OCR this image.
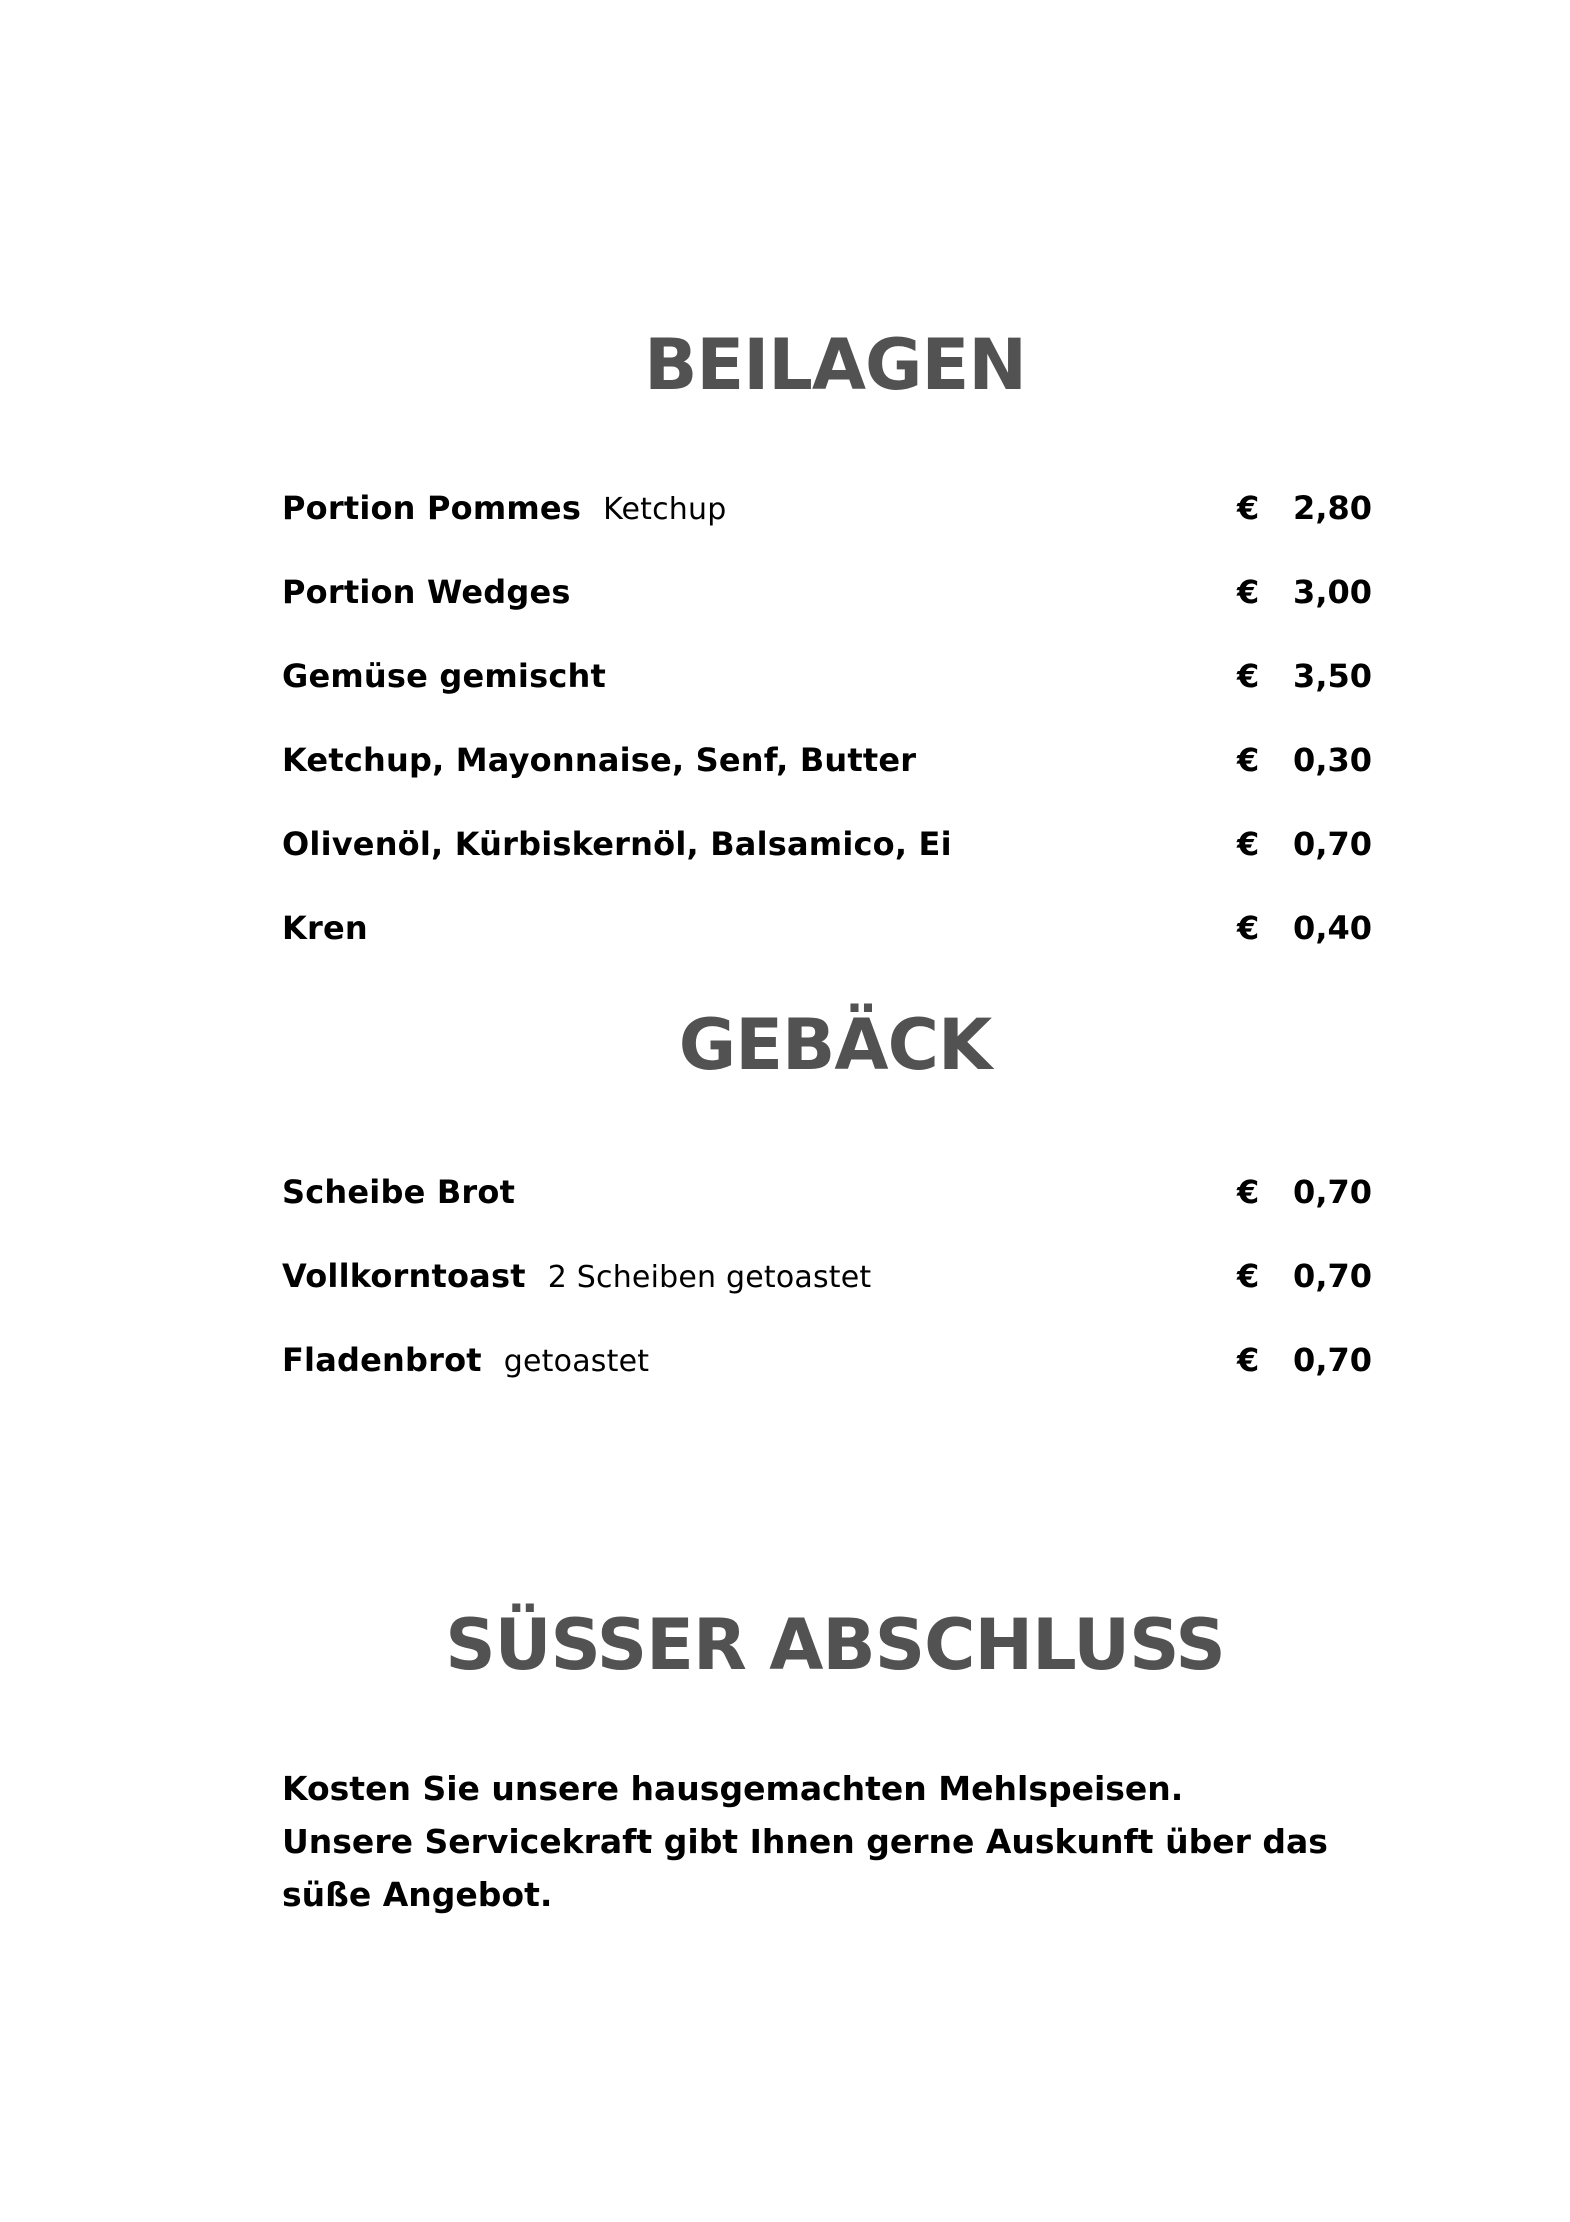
BEILAGEN
Portion Pommes Ketchup	€ 2,80
Portion Wedges	€ 3,00
Gemüse gemischt	€ 3,50
Ketchup, Mayonnaise, Senf, Butter	€ 0,30
Olivenöl, Kürbiskernöl, Balsamico, Ei	€ 0,70
Kren	€ 0,40
GEBÄCK
Scheibe Brot	€ 0,70
Vollkorntoast 2 Scheiben getoastet	€ 0,70
Fladenbrot getoastet	€ 0,70
SÜSSER ABSCHLUSS

Kosten Sie unsere hausgemachten Mehlspeisen.

Unsere Servicekraft gibt Ihnen gerne Auskunft über das süße Angebot.
